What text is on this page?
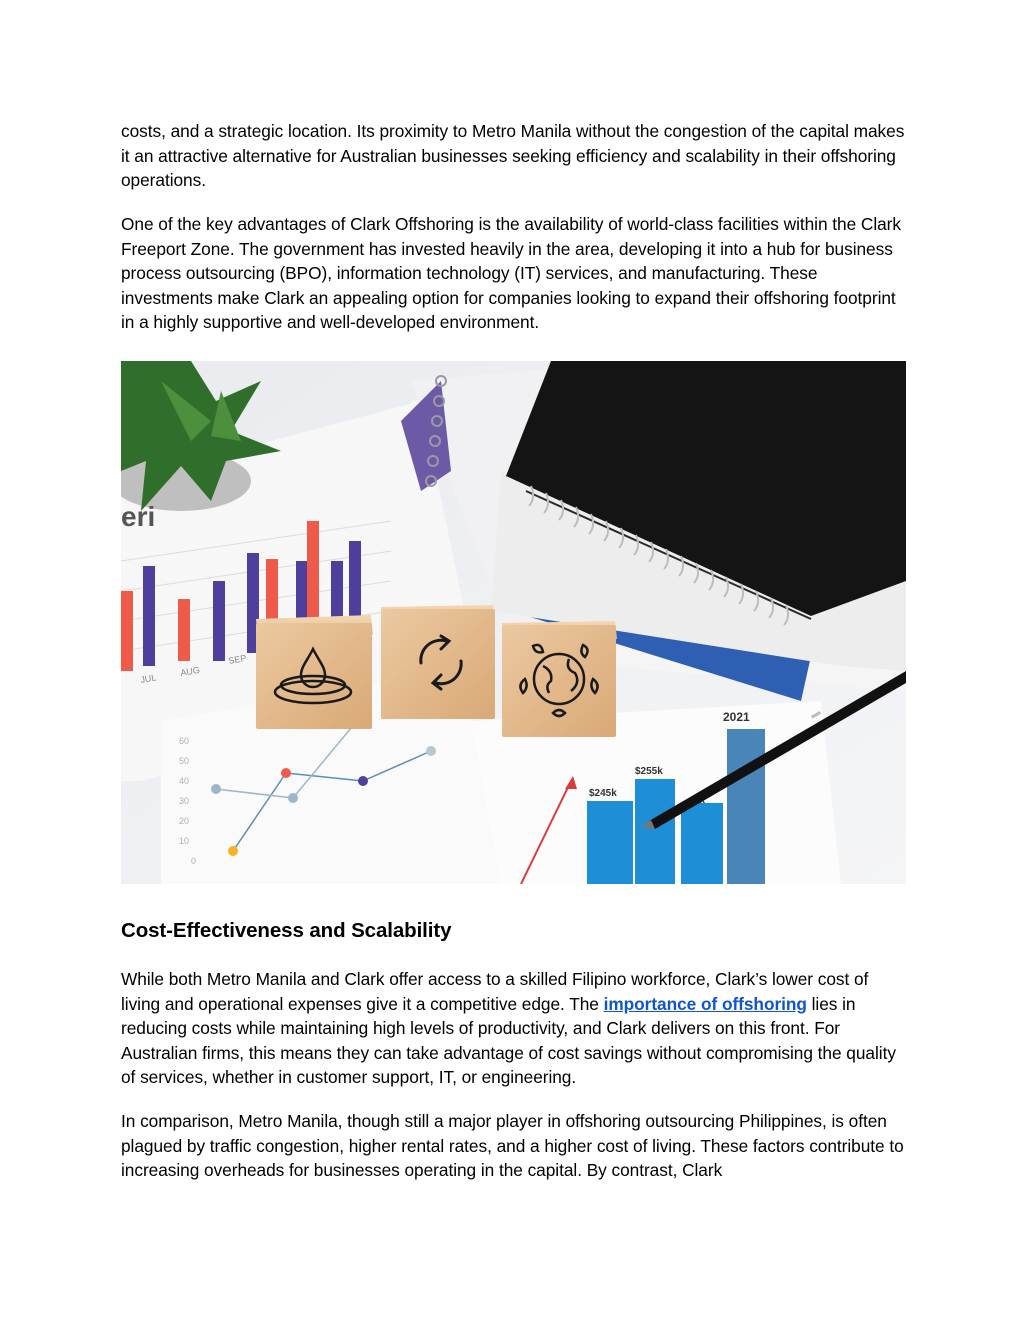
costs, and a strategic location. Its proximity to Metro Manila without the congestion of the capital makes it an attractive alternative for Australian businesses seeking efficiency and scalability in their offshoring operations.

One of the key advantages of Clark Offshoring is the availability of world-class facilities within the Clark Freeport Zone. The government has invested heavily in the area, developing it into a hub for business process outsourcing (BPO), information technology (IT) services, and manufacturing. These investments make Clark an appealing option for companies looking to expand their offshoring footprint in a highly supportive and well-developed environment.

eri
JUL
AUG
SEP
60
50
40
30
20
10
0
$245k
$255k
2021
Cost-Effectiveness and Scalability

While both Metro Manila and Clark offer access to a skilled Filipino workforce, Clark’s lower cost of living and operational expenses give it a competitive edge. The importance of offshoring lies in reducing costs while maintaining high levels of productivity, and Clark delivers on this front. For Australian firms, this means they can take advantage of cost savings without compromising the quality of services, whether in customer support, IT, or engineering.

In comparison, Metro Manila, though still a major player in offshoring outsourcing Philippines, is often plagued by traffic congestion, higher rental rates, and a higher cost of living. These factors contribute to increasing overheads for businesses operating in the capital. By contrast, Clark
